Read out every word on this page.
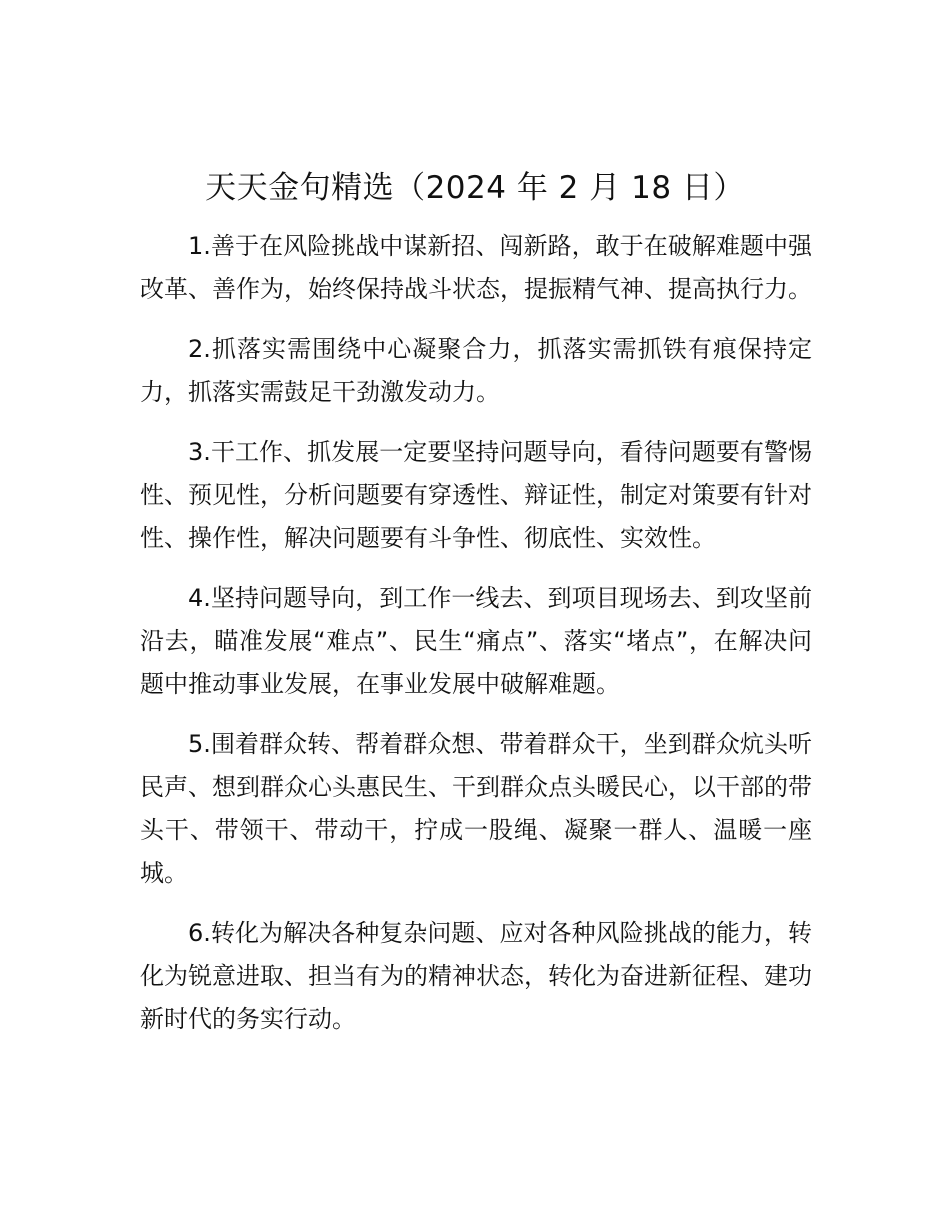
天天金句精选（2024 年 2 月 18 日）

1.善于在风险挑战中谋新招、闯新路，敢于在破解难题中强改革、善作为，始终保持战斗状态，提振精气神、提高执行力。

2.抓落实需围绕中心凝聚合力，抓落实需抓铁有痕保持定力，抓落实需鼓足干劲激发动力。

3.干工作、抓发展一定要坚持问题导向，看待问题要有警惕性、预见性，分析问题要有穿透性、辩证性，制定对策要有针对性、操作性，解决问题要有斗争性、彻底性、实效性。

4.坚持问题导向，到工作一线去、到项目现场去、到攻坚前沿去，瞄准发展“难点”、民生“痛点”、落实“堵点”，在解决问题中推动事业发展，在事业发展中破解难题。

5.围着群众转、帮着群众想、带着群众干，坐到群众炕头听民声、想到群众心头惠民生、干到群众点头暖民心，以干部的带头干、带领干、带动干，拧成一股绳、凝聚一群人、温暖一座城。

6.转化为解决各种复杂问题、应对各种风险挑战的能力，转化为锐意进取、担当有为的精神状态，转化为奋进新征程、建功新时代的务实行动。
